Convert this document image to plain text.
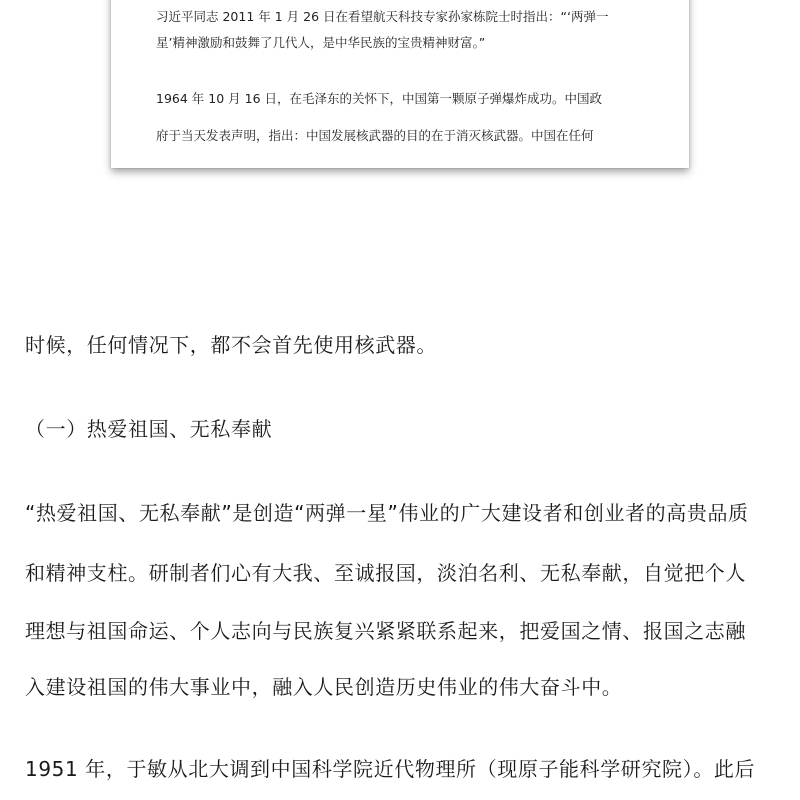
习近平同志 2011 年 1 月 26 日在看望航天科技专家孙家栋院士时指出：“‘两弹一
星’精神激励和鼓舞了几代人，是中华民族的宝贵精神财富。”
1964 年 10 月 16 日，在毛泽东的关怀下，中国第一颗原子弹爆炸成功。中国政
府于当天发表声明，指出：中国发展核武器的目的在于消灭核武器。中国在任何
时候，任何情况下，都不会首先使用核武器。
（一）热爱祖国、无私奉献
“热爱祖国、无私奉献”是创造“两弹一星”伟业的广大建设者和创业者的高贵品质
和精神支柱。研制者们心有大我、至诚报国，淡泊名利、无私奉献，自觉把个人
理想与祖国命运、个人志向与民族复兴紧紧联系起来，把爱国之情、报国之志融
入建设祖国的伟大事业中，融入人民创造历史伟业的伟大奋斗中。
1951 年，于敏从北大调到中国科学院近代物理所（现原子能科学研究院）。此后
